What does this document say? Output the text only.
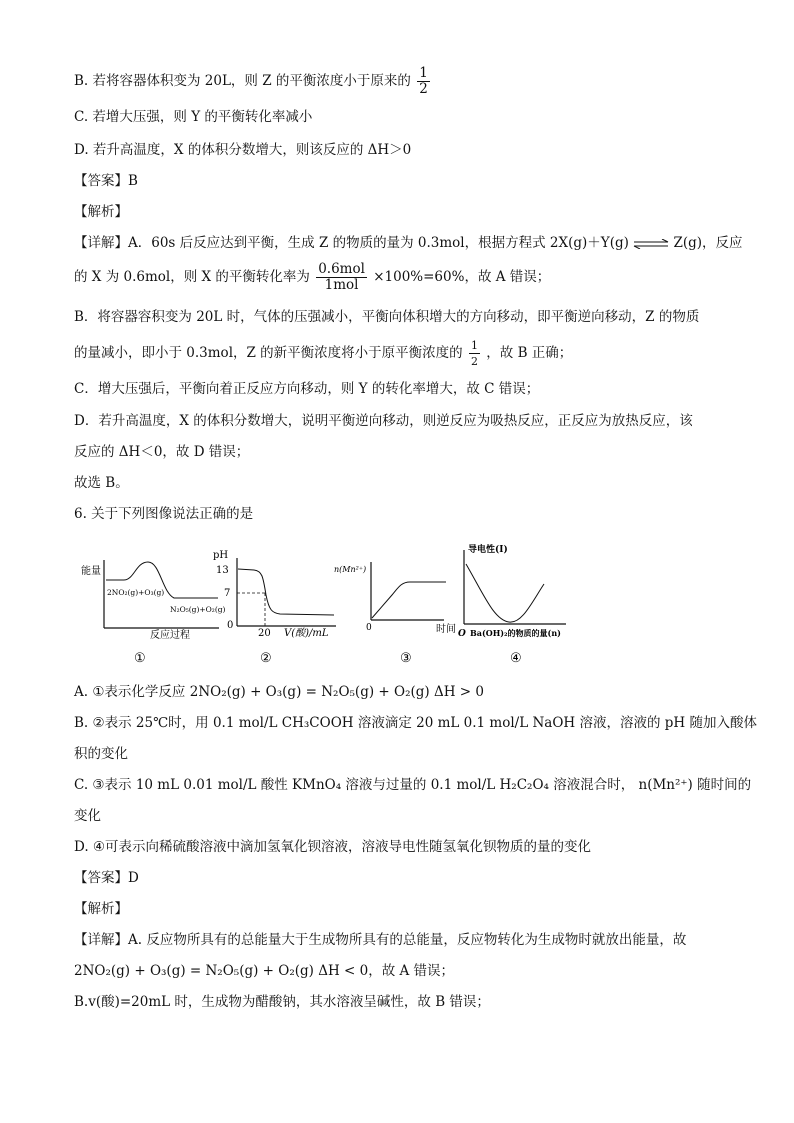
B. 若将容器体积变为 20L，则 Z 的平衡浓度小于原来的 $\frac{1}{2}$
C. 若增大压强，则 Y 的平衡转化率减小
D. 若升高温度，X 的体积分数增大，则该反应的 ΔH＞0
【答案】B
【解析】
【详解】A．60s 后反应达到平衡，生成 Z 的物质的量为 0.3mol，根据方程式 2X(g)＋Y(g) ⇌ Z(g)，反应
的 X 为 0.6mol，则 X 的平衡转化率为 $\frac{\text{0.6mol}}{\text{1mol}} \times 100\%=60\%$，故 A 错误；
B．将容器容积变为 20L 时，气体的压强减小，平衡向体积增大的方向移动，即平衡逆向移动，Z 的物质
的量减小，即小于 0.3mol，Z 的新平衡浓度将小于原平衡浓度的 $\frac{1}{2}$ ，故 B 正确；
C．增大压强后，平衡向着正反应方向移动，则 Y 的转化率增大，故 C 错误；
D．若升高温度，X 的体积分数增大，说明平衡逆向移动，则逆反应为吸热反应，正反应为放热反应，该
反应的 ΔH＜0，故 D 错误；
故选 B。
6. 关于下列图像说法正确的是
能量
2NO₂(g)+O₃(g)
N₂O₅(g)+O₂(g)
反应过程
①
pH
13
7
0
20 V(酸)/mL
②
n(Mn²⁺)
0	时间
③
导电性(I)
O Ba(OH)₂的物质的量(n)
④
A. ①表示化学反应 2NO₂(g) + O₃(g) = N₂O₅(g) + O₂(g) ΔH > 0
B. ②表示 25℃时，用 0.1 mol/L CH₃COOH 溶液滴定 20 mL 0.1 mol/L NaOH 溶液，溶液的 pH 随加入酸体
积的变化
C. ③表示 10 mL 0.01 mol/L 酸性 KMnO₄ 溶液与过量的 0.1 mol/L H₂C₂O₄ 溶液混合时， n(Mn²⁺) 随时间的
变化
D. ④可表示向稀硫酸溶液中滴加氢氧化钡溶液，溶液导电性随氢氧化钡物质的量的变化
【答案】D
【解析】
【详解】A. 反应物所具有的总能量大于生成物所具有的总能量，反应物转化为生成物时就放出能量，故
2NO₂(g) + O₃(g) = N₂O₅(g) + O₂(g) ΔH < 0，故 A 错误；
B.v(酸)=20mL 时，生成物为醋酸钠，其水溶液呈碱性，故 B 错误；
